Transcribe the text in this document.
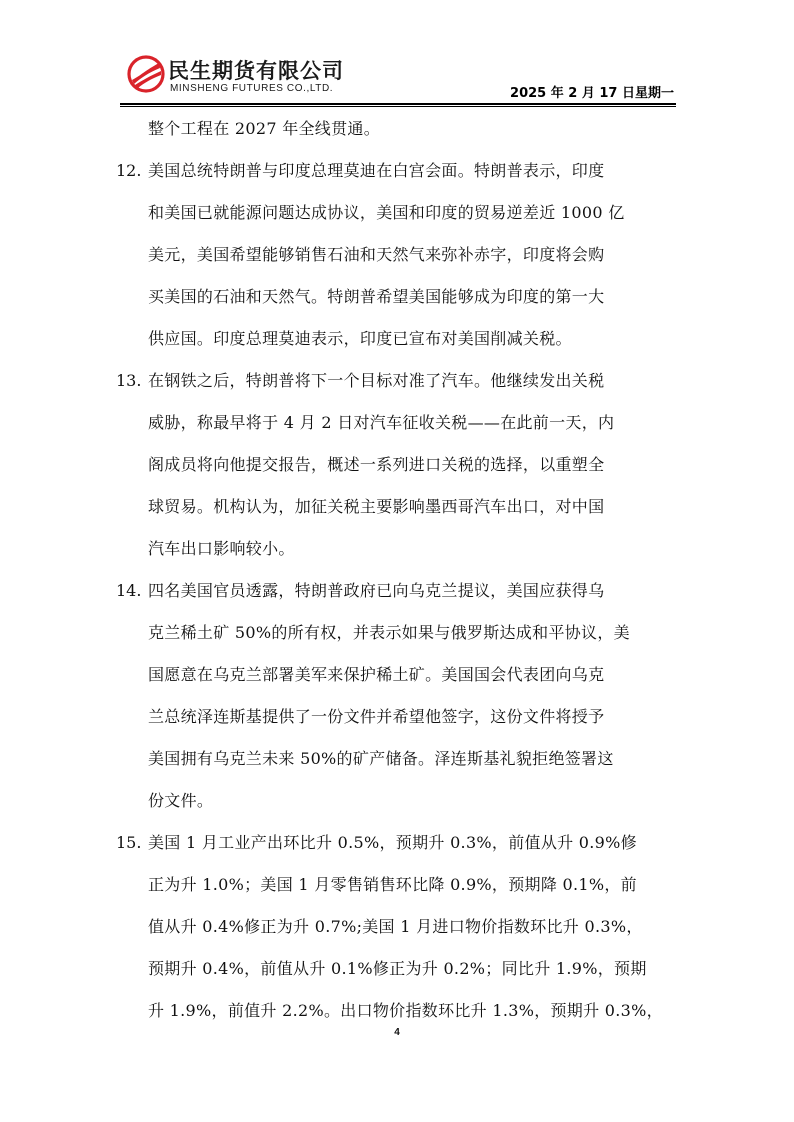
民生期货有限公司
MINSHENG FUTURES CO.,LTD.	2025 年 2 月 17 日星期一
整个工程在 2027 年全线贯通。
12. 美国总统特朗普与印度总理莫迪在白宫会面。特朗普表示，印度
和美国已就能源问题达成协议，美国和印度的贸易逆差近 1000 亿
美元，美国希望能够销售石油和天然气来弥补赤字，印度将会购
买美国的石油和天然气。特朗普希望美国能够成为印度的第一大
供应国。印度总理莫迪表示，印度已宣布对美国削减关税。
13. 在钢铁之后，特朗普将下一个目标对准了汽车。他继续发出关税
威胁，称最早将于 4 月 2 日对汽车征收关税——在此前一天，内
阁成员将向他提交报告，概述一系列进口关税的选择，以重塑全
球贸易。机构认为，加征关税主要影响墨西哥汽车出口，对中国
汽车出口影响较小。
14. 四名美国官员透露，特朗普政府已向乌克兰提议，美国应获得乌
克兰稀土矿 50%的所有权，并表示如果与俄罗斯达成和平协议，美
国愿意在乌克兰部署美军来保护稀土矿。美国国会代表团向乌克
兰总统泽连斯基提供了一份文件并希望他签字，这份文件将授予
美国拥有乌克兰未来 50%的矿产储备。泽连斯基礼貌拒绝签署这
份文件。
15. 美国 1 月工业产出环比升 0.5%，预期升 0.3%，前值从升 0.9%修
正为升 1.0%；美国 1 月零售销售环比降 0.9%，预期降 0.1%，前
值从升 0.4%修正为升 0.7%;美国 1 月进口物价指数环比升 0.3%，
预期升 0.4%，前值从升 0.1%修正为升 0.2%；同比升 1.9%，预期
升 1.9%，前值升 2.2%。出口物价指数环比升 1.3%，预期升 0.3%，
4
